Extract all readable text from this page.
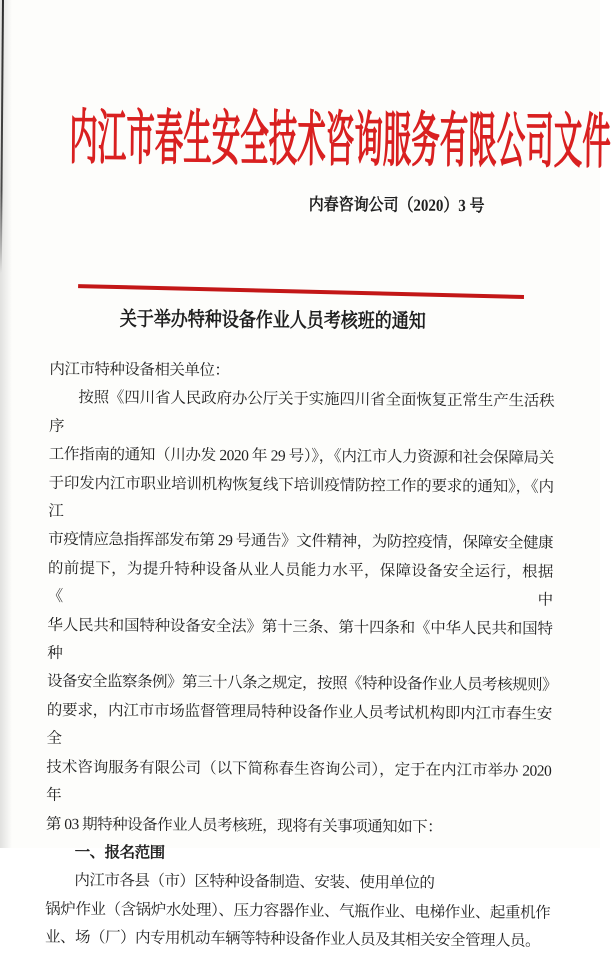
内江市春生安全技术咨询服务有限公司文件
内春咨询公司（2020）3 号
关于举办特种设备作业人员考核班的通知
内江市特种设备相关单位：
按照《四川省人民政府办公厅关于实施四川省全面恢复正常生产生活秩序
工作指南的通知（川办发 2020 年 29 号）》，《内江市人力资源和社会保障局关
于印发内江市职业培训机构恢复线下培训疫情防控工作的要求的通知》，《内江
市疫情应急指挥部发布第 29 号通告》文件精神，为防控疫情，保障安全健康
的前提下，为提升特种设备从业人员能力水平，保障设备安全运行，根据《中
华人民共和国特种设备安全法》第十三条、第十四条和《中华人民共和国特种
设备安全监察条例》第三十八条之规定，按照《特种设备作业人员考核规则》
的要求，内江市市场监督管理局特种设备作业人员考试机构即内江市春生安全
技术咨询服务有限公司（以下简称春生咨询公司），定于在内江市举办 2020 年
第 03 期特种设备作业人员考核班，现将有关事项通知如下：
一、报名范围
内江市各县（市）区特种设备制造、安装、使用单位的
锅炉作业（含锅炉水处理）、压力容器作业、气瓶作业、电梯作业、起重机作
业、场（厂）内专用机动车辆等特种设备作业人员及其相关安全管理人员。
